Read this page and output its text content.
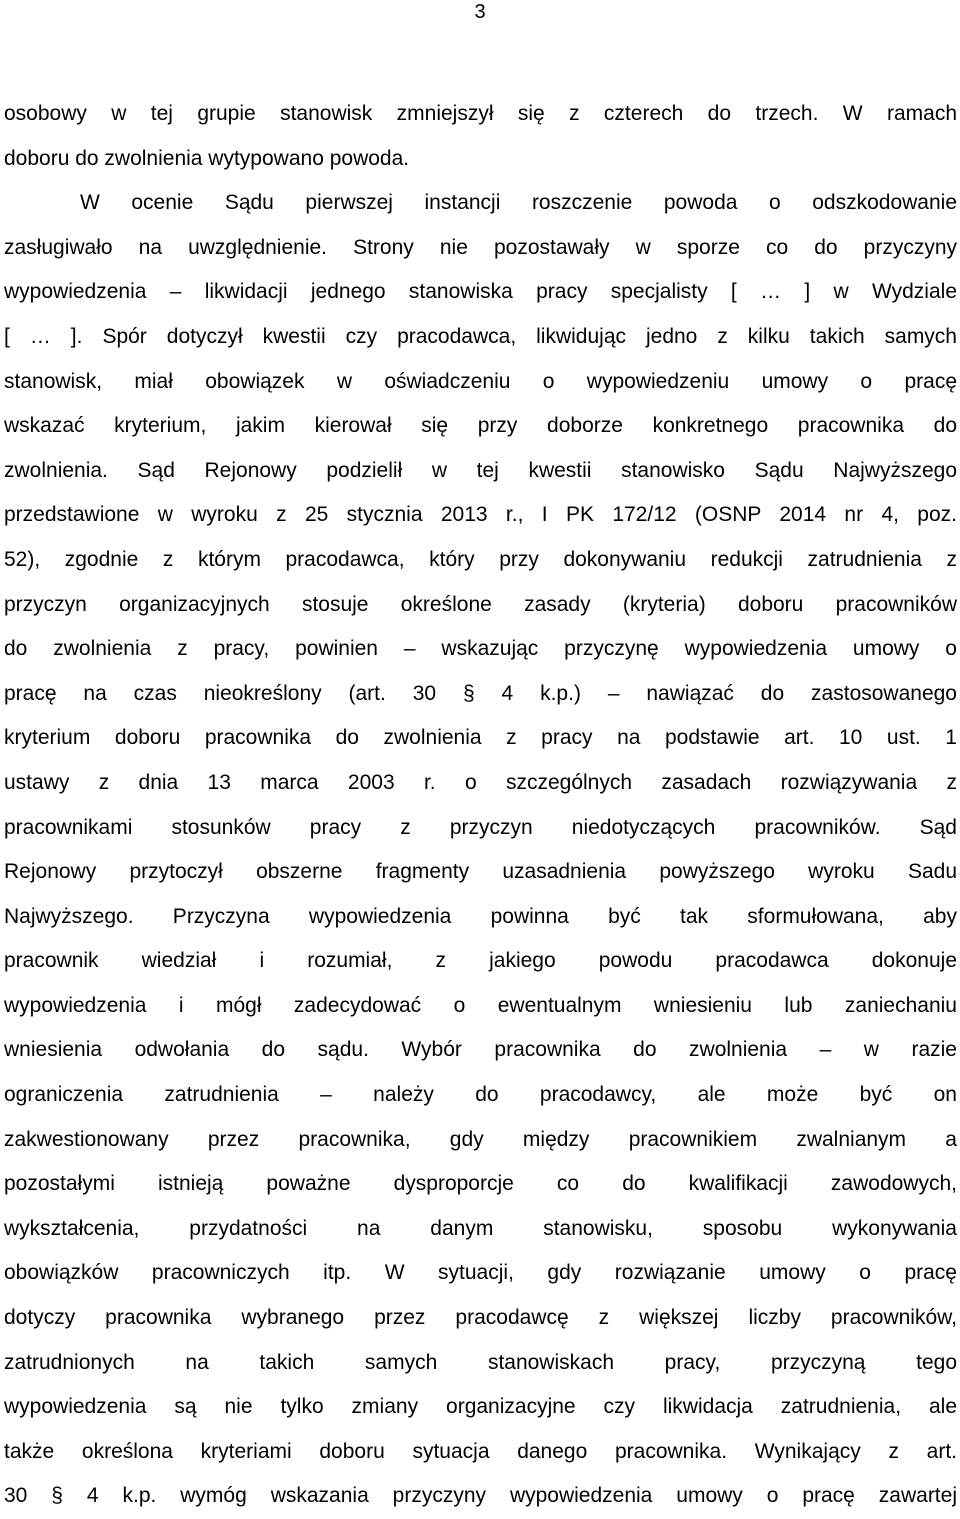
3
osobowy w tej grupie stanowisk zmniejszył się z czterech do trzech. W ramach
doboru do zwolnienia wytypowano powoda.
W ocenie Sądu pierwszej instancji roszczenie powoda o odszkodowanie
zasługiwało na uwzględnienie. Strony nie pozostawały w sporze co do przyczyny
wypowiedzenia – likwidacji jednego stanowiska pracy specjalisty [ … ] w Wydziale
[ … ]. Spór dotyczył kwestii czy pracodawca, likwidując jedno z kilku takich samych
stanowisk, miał obowiązek w oświadczeniu o wypowiedzeniu umowy o pracę
wskazać kryterium, jakim kierował się przy doborze konkretnego pracownika do
zwolnienia. Sąd Rejonowy podzielił w tej kwestii stanowisko Sądu Najwyższego
przedstawione w wyroku z 25 stycznia 2013 r., I PK 172/12 (OSNP 2014 nr 4, poz.
52), zgodnie z którym pracodawca, który przy dokonywaniu redukcji zatrudnienia z
przyczyn organizacyjnych stosuje określone zasady (kryteria) doboru pracowników
do zwolnienia z pracy, powinien – wskazując przyczynę wypowiedzenia umowy o
pracę na czas nieokreślony (art. 30 § 4 k.p.) – nawiązać do zastosowanego
kryterium doboru pracownika do zwolnienia z pracy na podstawie art. 10 ust. 1
ustawy z dnia 13 marca 2003 r. o szczególnych zasadach rozwiązywania z
pracownikami stosunków pracy z przyczyn niedotyczących pracowników. Sąd
Rejonowy przytoczył obszerne fragmenty uzasadnienia powyższego wyroku Sadu
Najwyższego. Przyczyna wypowiedzenia powinna być tak sformułowana, aby
pracownik wiedział i rozumiał, z jakiego powodu pracodawca dokonuje
wypowiedzenia i mógł zadecydować o ewentualnym wniesieniu lub zaniechaniu
wniesienia odwołania do sądu. Wybór pracownika do zwolnienia – w razie
ograniczenia zatrudnienia – należy do pracodawcy, ale może być on
zakwestionowany przez pracownika, gdy między pracownikiem zwalnianym a
pozostałymi istnieją poważne dysproporcje co do kwalifikacji zawodowych,
wykształcenia, przydatności na danym stanowisku, sposobu wykonywania
obowiązków pracowniczych itp. W sytuacji, gdy rozwiązanie umowy o pracę
dotyczy pracownika wybranego przez pracodawcę z większej liczby pracowników,
zatrudnionych na takich samych stanowiskach pracy, przyczyną tego
wypowiedzenia są nie tylko zmiany organizacyjne czy likwidacja zatrudnienia, ale
także określona kryteriami doboru sytuacja danego pracownika. Wynikający z art.
30 § 4 k.p. wymóg wskazania przyczyny wypowiedzenia umowy o pracę zawartej
